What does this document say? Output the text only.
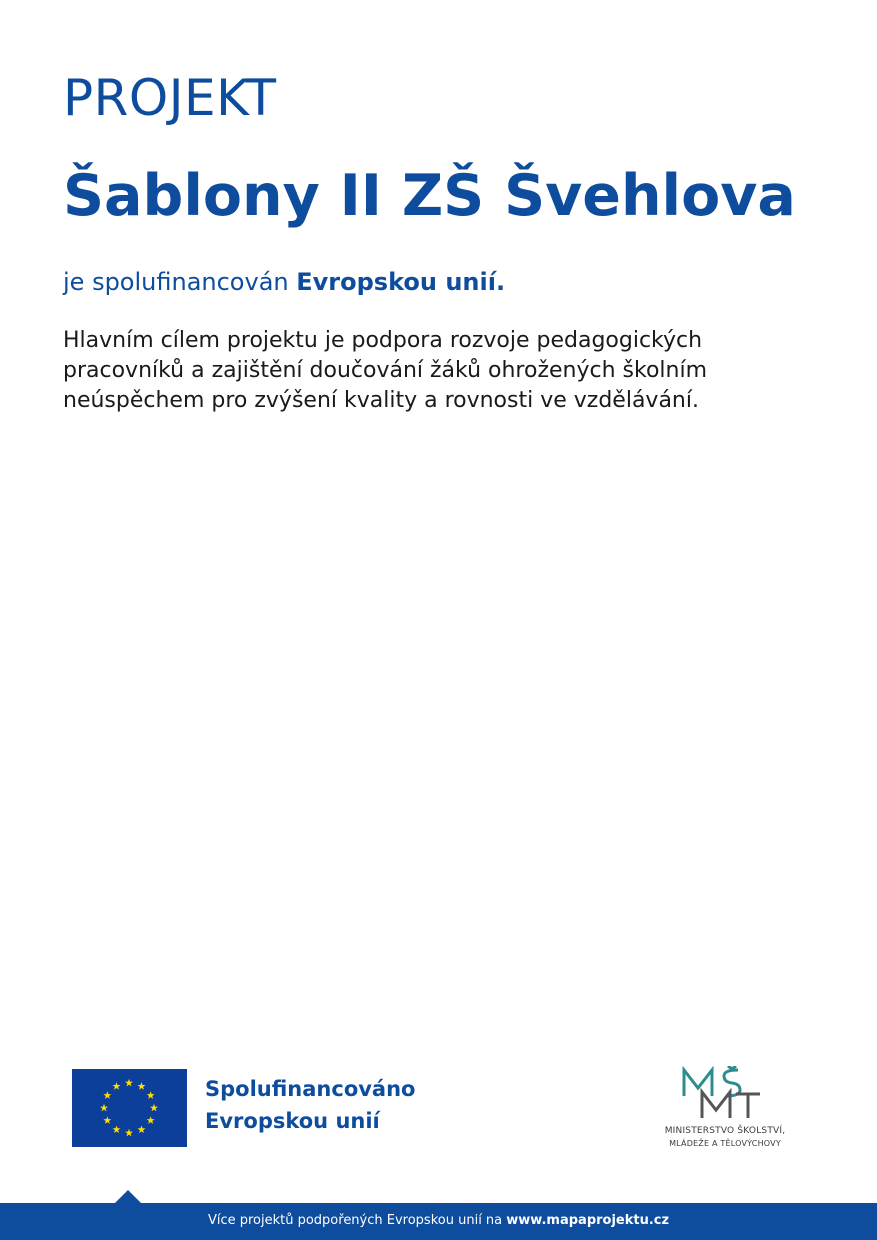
PROJEKT
Šablony II ZŠ Švehlova
je spolufinancován Evropskou unií.
Hlavním cílem projektu je podpora rozvoje pedagogických
pracovníků a zajištění doučování žáků ohrožených školním
neúspěchem pro zvýšení kvality a rovnosti ve vzdělávání.
Spolufinancováno
Evropskou unií	MINISTERSTVO ŠKOLSTVÍ,
MLÁDEŽE A TĚLOVÝCHOVY
Více projektů podpořených Evropskou unií na www.mapaprojektu.cz
